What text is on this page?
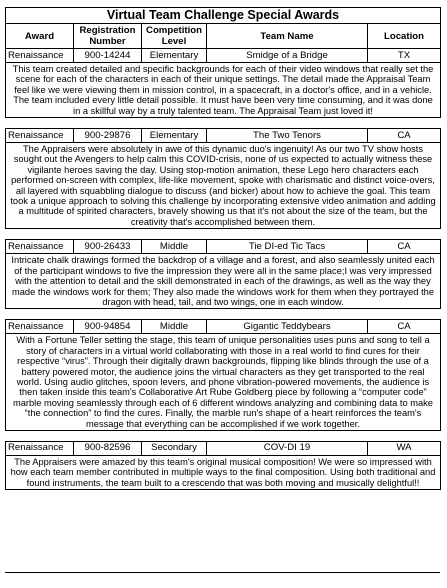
Virtual Team Challenge Special Awards				
Award	Registration Number	Competition Level	Team Name	Location
Renaissance	900-14244	Elementary	Smidge of a Bridge	TX
This team created detailed and specific backgrounds for each of their video windows that really set the scene for each of the characters in each of their unique settings. The detail made the Appraisal Team feel like we were viewing them in mission control, in a spacecraft, in a doctor's office, and in a vehicle. The team included every little detail possible. It must have been very time consuming, and it was done in a skillful way by a truly talented team. The Appraisal Team just loved it!				
Renaissance	900-29876	Elementary	The Two Tenors	CA
The Appraisers were absolutely in awe of this dynamic duo's ingenuity! As our two TV show hosts sought out the Avengers to help calm this COVID-crisis, none of us expected to actually witness these vigilante heroes saving the day. Using stop-motion animation, these Lego hero characters each performed on-screen with complex, life-like movement, spoke with charismatic and distinct voice-overs, all layered with squabbling dialogue to discuss (and bicker) about how to achieve the goal. This team took a unique approach to solving this challenge by incorporating extensive video animation and adding a multitude of spirited characters, bravely showing us that it's not about the size of the team, but the creativity that's accomplished between them.
Renaissance	900-26433	Middle	Tie DI-ed Tic Tacs	CA
Intricate chalk drawings formed the backdrop of a village and a forest, and also seamlessly united each of the participant windows to five the impression they were all in the same place;I was very impressed with the attention to detail and the skill demonstrated in each of the drawings, as well as the way they made the windows work for them; They also made the windows work for them when they portrayed the dragon with head, tail, and two wings, one in each window.
Renaissance	900-94854	Middle	Gigantic Teddybears	CA
With a Fortune Teller setting the stage, this team of unique personalities uses puns and song to tell a story of characters in a virtual world collaborating with those in a real world to find cures for their respective “virus”. Through their digitally drawn backgrounds, flipping like blinds through the use of a battery powered motor, the audience joins the virtual characters as they get transported to the real world. Using audio glitches, spoon levers, and phone vibration-powered movements, the audience is then taken inside this team's Collaborative Art Rube Goldberg piece by following a “computer code” marble moving seamlessly through each of 6 different windows analyzing and combining data to make “the connection” to find the cures. Finally, the marble run's shape of a heart reinforces the team's message that everything can be accomplished if we work together.
Renaissance	900-82596	Secondary	COV-DI 19	WA
The Appraisers were amazed by this team's original musical composition! We were so impressed with how each team member contributed in multiple ways to the final composition. Using both traditional and found instruments, the team built to a crescendo that was both moving and musically delightful!!
